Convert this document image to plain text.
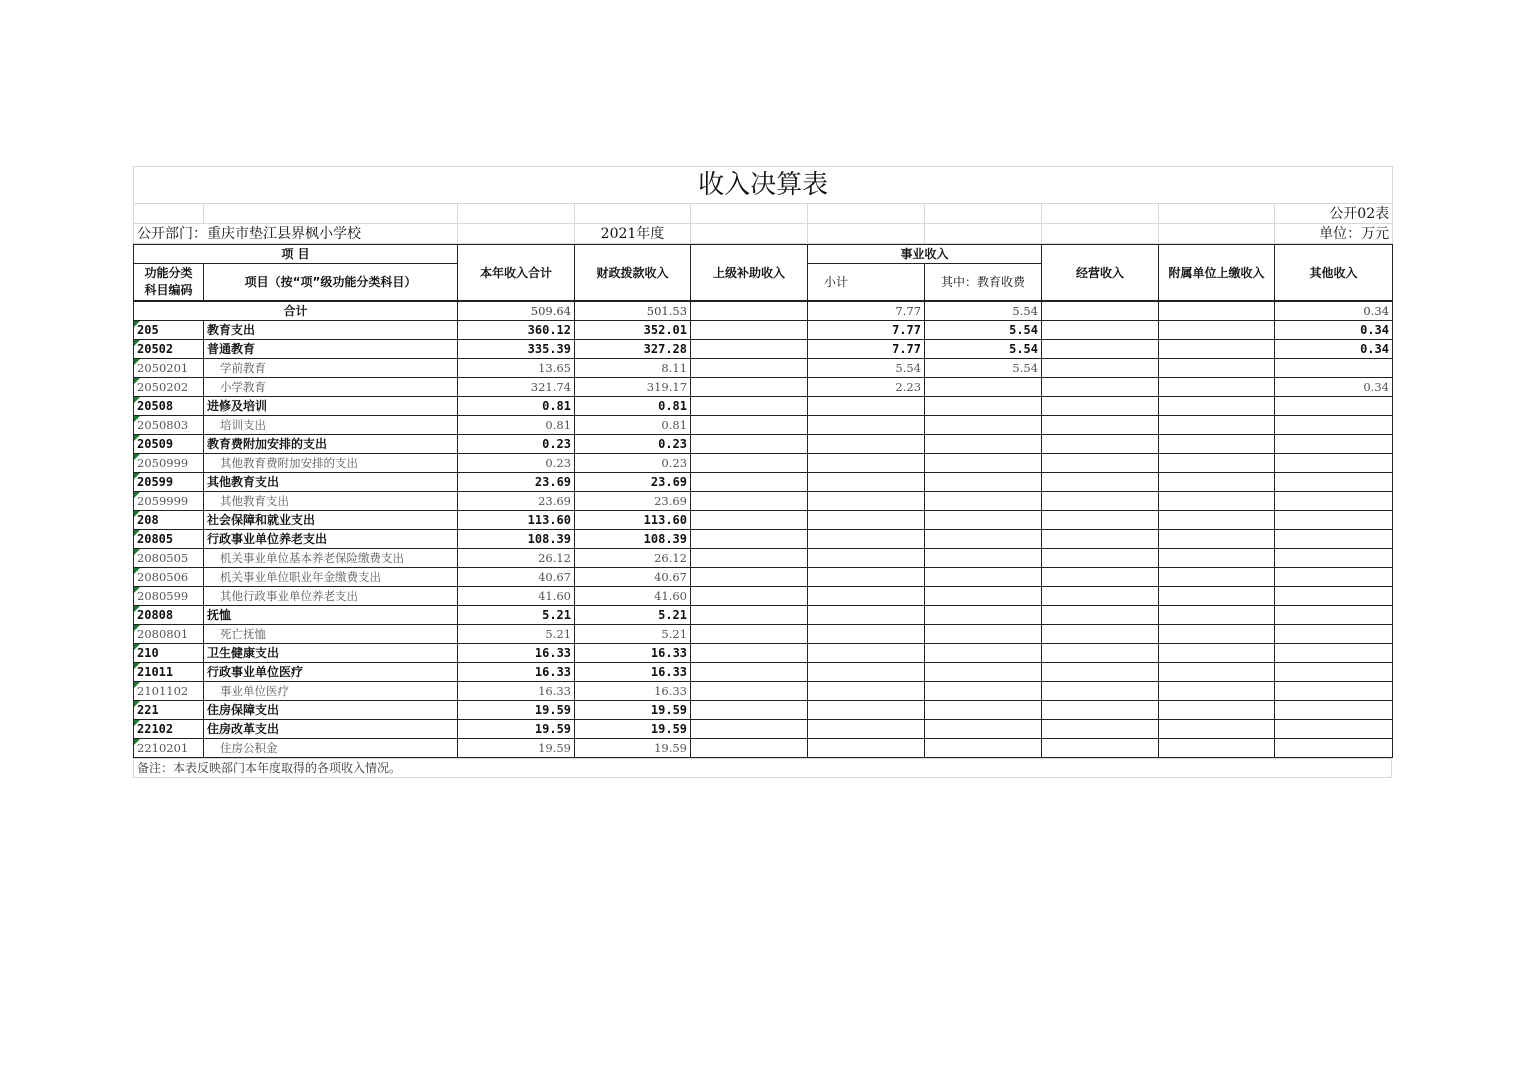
收入决算表									
									公开02表
公开部门：重庆市垫江县界枫小学校			2021年度						单位：万元
项 目		本年收入合计	财政拨款收入	上级补助收入	事业收入		经营收入	附属单位上缴收入	其他收入
功能分类
科目编码	项目（按“项”级功能分类科目）								
					小计	其中：教育收费			
合计		509.64	501.53		7.77	5.54			0.34

205	教育支出	360.12	352.01		7.77	5.54			0.34

20502	普通教育	335.39	327.28		7.77	5.54			0.34

2050201	学前教育	13.65	8.11		5.54	5.54			

2050202	小学教育	321.74	319.17		2.23				0.34

20508	进修及培训	0.81	0.81						

2050803	培训支出	0.81	0.81						

20509	教育费附加安排的支出	0.23	0.23						

2050999	其他教育费附加安排的支出	0.23	0.23						

20599	其他教育支出	23.69	23.69						

2059999	其他教育支出	23.69	23.69						

208	社会保障和就业支出	113.60	113.60						

20805	行政事业单位养老支出	108.39	108.39						

2080505	机关事业单位基本养老保险缴费支出	26.12	26.12						

2080506	机关事业单位职业年金缴费支出	40.67	40.67						

2080599	其他行政事业单位养老支出	41.60	41.60						

20808	抚恤	5.21	5.21						

2080801	死亡抚恤	5.21	5.21						

210	卫生健康支出	16.33	16.33						

21011	行政事业单位医疗	16.33	16.33						

2101102	事业单位医疗	16.33	16.33						

221	住房保障支出	19.59	19.59						

22102	住房改革支出	19.59	19.59						

2210201	住房公积金	19.59	19.59						
备注：本表反映部门本年度取得的各项收入情况。
